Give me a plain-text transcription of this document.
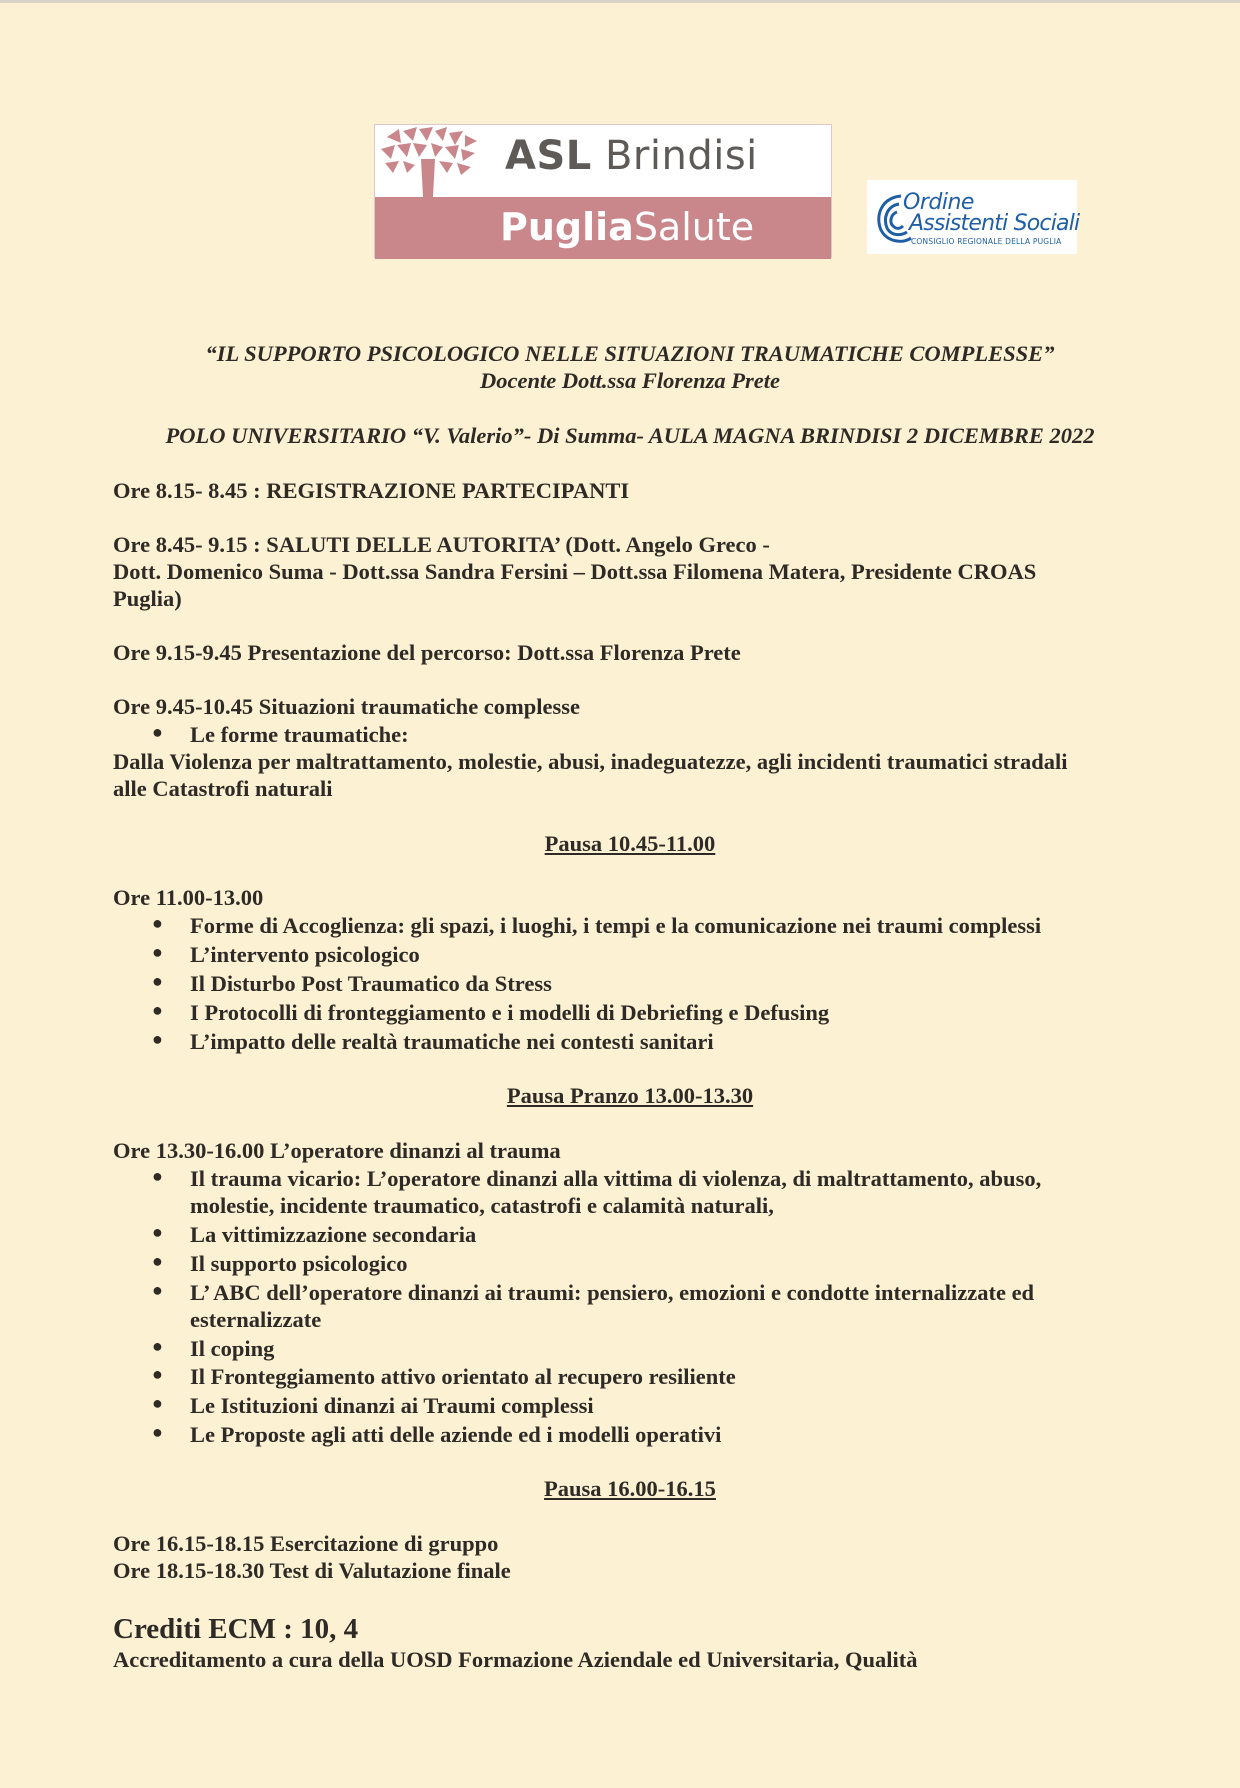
ASL Brindisi
PugliaSalute
Ordine
Assistenti Sociali
CONSIGLIO REGIONALE DELLA PUGLIA
“IL SUPPORTO PSICOLOGICO NELLE SITUAZIONI TRAUMATICHE COMPLESSE”
Docente Dott.ssa Florenza Prete
POLO UNIVERSITARIO “V. Valerio”- Di Summa- AULA MAGNA BRINDISI 2 DICEMBRE 2022
Ore 8.15- 8.45 : REGISTRAZIONE PARTECIPANTI
Ore 8.45- 9.15 : SALUTI DELLE AUTORITA’ (Dott. Angelo Greco -
Dott. Domenico Suma - Dott.ssa Sandra Fersini – Dott.ssa Filomena Matera, Presidente CROAS
Puglia)
Ore 9.15-9.45 Presentazione del percorso: Dott.ssa Florenza Prete
Ore 9.45-10.45 Situazioni traumatiche complesse
● Le forme traumatiche:
Dalla Violenza per maltrattamento, molestie, abusi, inadeguatezze, agli incidenti traumatici stradali
alle Catastrofi naturali
Pausa 10.45-11.00
Ore 11.00-13.00
● Forme di Accoglienza: gli spazi, i luoghi, i tempi e la comunicazione nei traumi complessi
● L’intervento psicologico
● Il Disturbo Post Traumatico da Stress
● I Protocolli di fronteggiamento e i modelli di Debriefing e Defusing
● L’impatto delle realtà traumatiche nei contesti sanitari
Pausa Pranzo 13.00-13.30
Ore 13.30-16.00 L’operatore dinanzi al trauma
● Il trauma vicario: L’operatore dinanzi alla vittima di violenza, di maltrattamento, abuso,
molestie, incidente traumatico, catastrofi e calamità naturali,
● La vittimizzazione secondaria
● Il supporto psicologico
● L’ ABC dell’operatore dinanzi ai traumi: pensiero, emozioni e condotte internalizzate ed
esternalizzate
● Il coping
● Il Fronteggiamento attivo orientato al recupero resiliente
● Le Istituzioni dinanzi ai Traumi complessi
● Le Proposte agli atti delle aziende ed i modelli operativi
Pausa 16.00-16.15
Ore 16.15-18.15 Esercitazione di gruppo
Ore 18.15-18.30 Test di Valutazione finale
Crediti ECM : 10, 4
Accreditamento a cura della UOSD Formazione Aziendale ed Universitaria, Qualità
